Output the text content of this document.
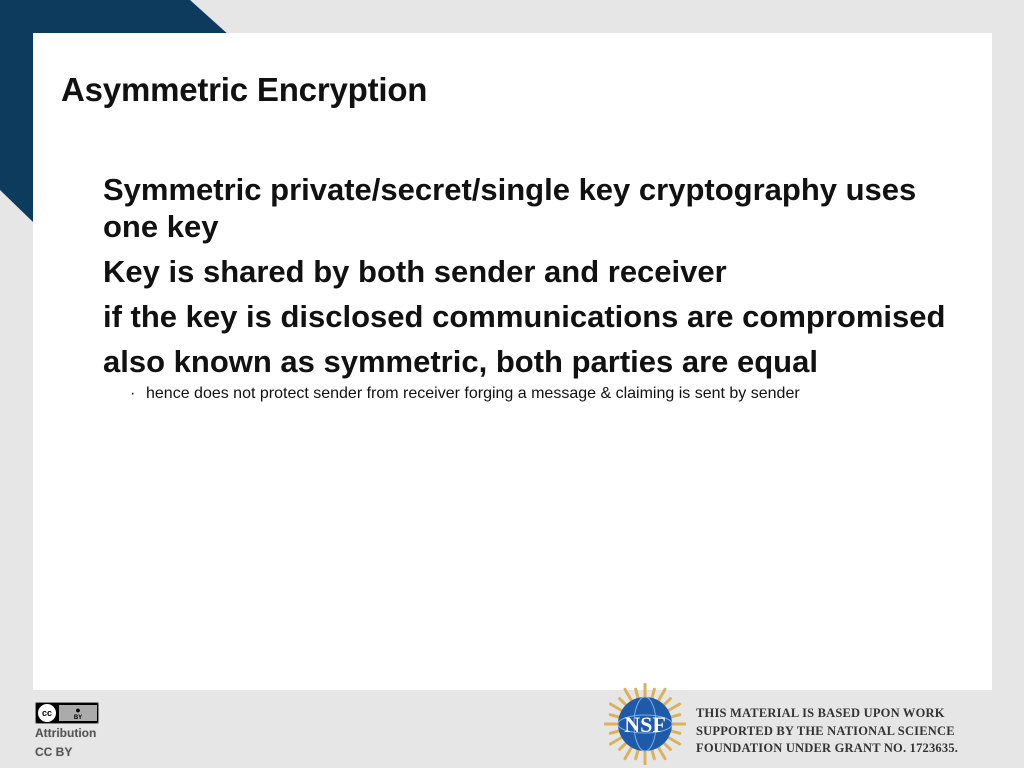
Asymmetric Encryption
Symmetric private/secret/single key cryptography uses one key
Key is shared by both sender and receiver
if the key is disclosed communications are compromised
also known as symmetric, both parties are equal
· hence does not protect sender from receiver forging a message & claiming is sent by sender
cc	●
BY
Attribution
CC BY
NSF THIS MATERIAL IS BASED UPON WORK
SUPPORTED BY THE NATIONAL SCIENCE
FOUNDATION UNDER GRANT NO. 1723635.
